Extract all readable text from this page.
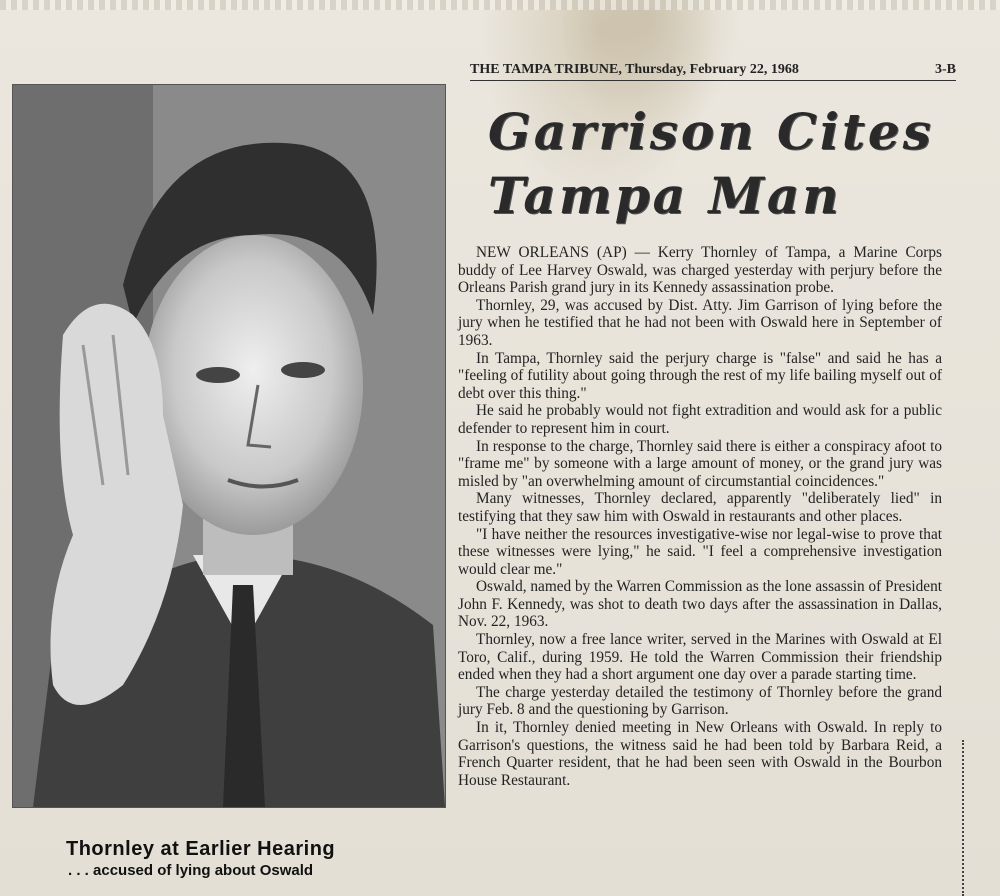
Thornley at Earlier Hearing
. . . accused of lying about Oswald
THE TAMPA TRIBUNE, Thursday, February 22, 1968	3-B
Garrison Cites
Tampa Man

NEW ORLEANS (AP) — Kerry Thornley of Tampa, a Marine Corps buddy of Lee Harvey Oswald, was charged yesterday with perjury before the Orleans Parish grand jury in its Kennedy assassination probe.

Thornley, 29, was accused by Dist. Atty. Jim Garrison of lying before the jury when he testified that he had not been with Oswald here in September of 1963.

In Tampa, Thornley said the perjury charge is "false" and said he has a "feeling of futility about going through the rest of my life bailing myself out of debt over this thing."

He said he probably would not fight extradition and would ask for a public defender to represent him in court.

In response to the charge, Thornley said there is either a conspiracy afoot to "frame me" by someone with a large amount of money, or the grand jury was misled by "an overwhelming amount of circumstantial coincidences."

Many witnesses, Thornley declared, apparently "deliberately lied" in testifying that they saw him with Oswald in restaurants and other places.

"I have neither the resources investigative-wise nor legal-wise to prove that these witnesses were lying," he said. "I feel a comprehensive investigation would clear me."

Oswald, named by the Warren Commission as the lone assassin of President John F. Kennedy, was shot to death two days after the assassination in Dallas, Nov. 22, 1963.

Thornley, now a free lance writer, served in the Marines with Oswald at El Toro, Calif., during 1959. He told the Warren Commission their friendship ended when they had a short argument one day over a parade starting time.

The charge yesterday detailed the testimony of Thornley before the grand jury Feb. 8 and the questioning by Garrison.

In it, Thornley denied meeting in New Orleans with Oswald. In reply to Garrison's questions, the witness said he had been told by Barbara Reid, a French Quarter resident, that he had been seen with Oswald in the Bourbon House Restaurant.
